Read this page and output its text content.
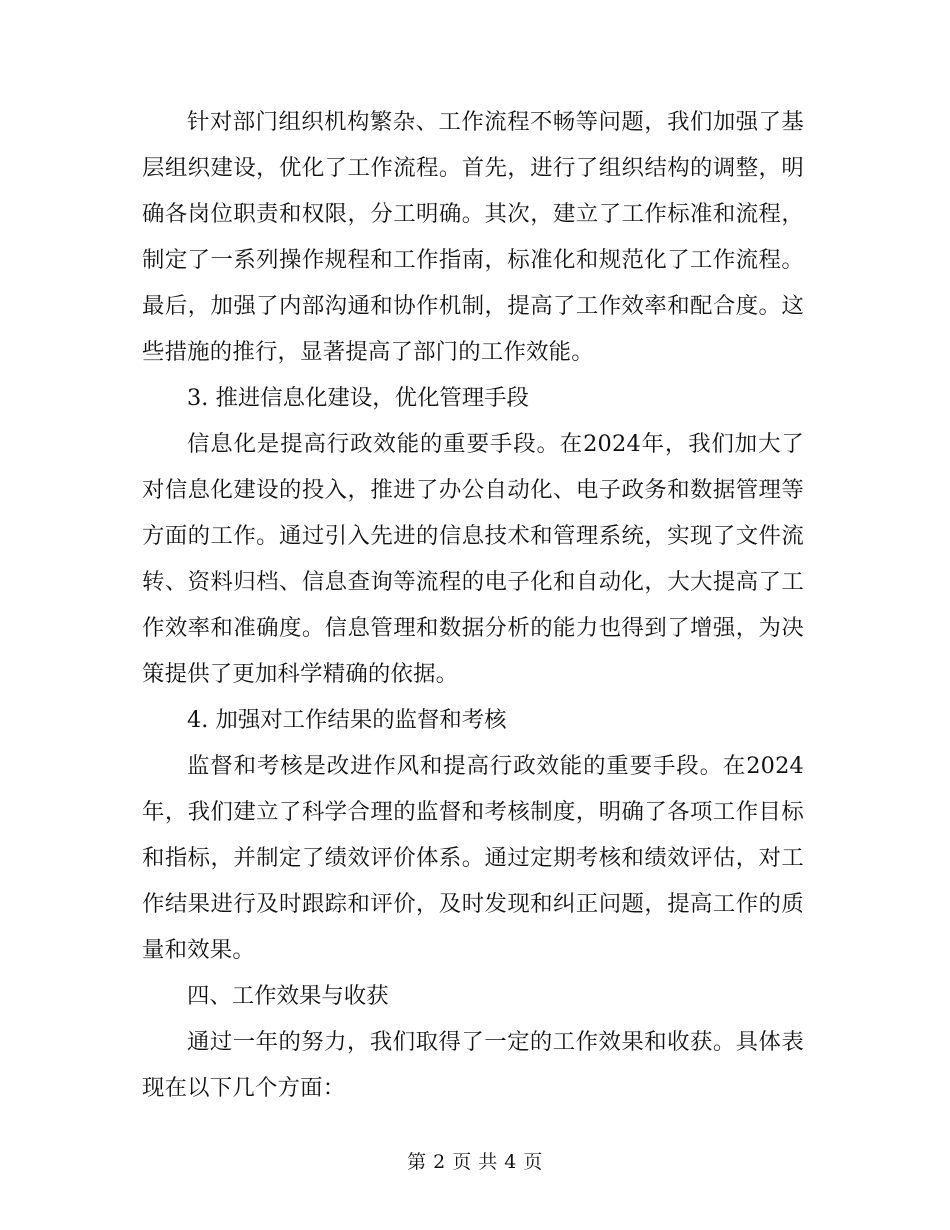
针对部门组织机构繁杂、工作流程不畅等问题，我们加强了基层组织建设，优化了工作流程。首先，进行了组织结构的调整，明确各岗位职责和权限，分工明确。其次，建立了工作标准和流程，制定了一系列操作规程和工作指南，标准化和规范化了工作流程。最后，加强了内部沟通和协作机制，提高了工作效率和配合度。这些措施的推行，显著提高了部门的工作效能。

3. 推进信息化建设，优化管理手段

信息化是提高行政效能的重要手段。在2024年，我们加大了对信息化建设的投入，推进了办公自动化、电子政务和数据管理等方面的工作。通过引入先进的信息技术和管理系统，实现了文件流转、资料归档、信息查询等流程的电子化和自动化，大大提高了工作效率和准确度。信息管理和数据分析的能力也得到了增强，为决策提供了更加科学精确的依据。

4. 加强对工作结果的监督和考核

监督和考核是改进作风和提高行政效能的重要手段。在2024年，我们建立了科学合理的监督和考核制度，明确了各项工作目标和指标，并制定了绩效评价体系。通过定期考核和绩效评估，对工作结果进行及时跟踪和评价，及时发现和纠正问题，提高工作的质量和效果。

四、工作效果与收获

通过一年的努力，我们取得了一定的工作效果和收获。具体表现在以下几个方面：

第 2 页 共 4 页
